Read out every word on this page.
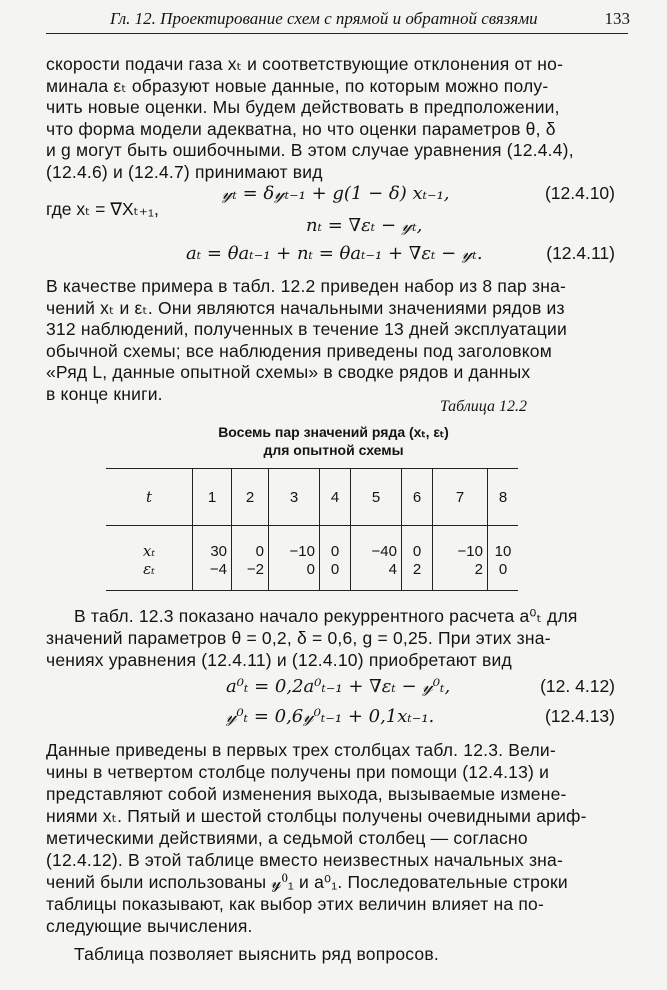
Гл. 12. Проектирование схем с прямой и обратной связями	133
скорости подачи газа xₜ и соответствующие отклонения от но-
минала εₜ образуют новые данные, по которым можно полу-
чить новые оценки. Мы будем действовать в предположении,
что форма модели адекватна, но что оценки параметров θ, δ
и g могут быть ошибочными. В этом случае уравнения (12.4.4),
(12.4.6) и (12.4.7) принимают вид
𝓎ₜ = δ𝓎ₜ₋₁ + g(1 − δ) xₜ₋₁,	(12.4.10)
где xₜ = ∇Xₜ₊₁,
nₜ = ∇εₜ − 𝓎ₜ,
aₜ = θaₜ₋₁ + nₜ = θaₜ₋₁ + ∇εₜ − 𝓎ₜ.	(12.4.11)
В качестве примера в табл. 12.2 приведен набор из 8 пар зна-
чений xₜ и εₜ. Они являются начальными значениями рядов из
312 наблюдений, полученных в течение 13 дней эксплуатации
обычной схемы; все наблюдения приведены под заголовком
«Ряд L, данные опытной схемы» в сводке рядов и данных
в конце книги.
Таблица 12.2
Восемь пар значений ряда (xₜ, εₜ)
для опытной схемы
t	1	2	3	4	5	6	7	8
xₜ	30	0	−10	0	−40	0	−10	10
εₜ	−4	−2	0	0	4	2	2	0
В табл. 12.3 показано начало рекуррентного расчета a⁰ₜ для
значений параметров θ = 0,2, δ = 0,6, g = 0,25. При этих зна-
чениях уравнения (12.4.11) и (12.4.10) приобретают вид
a⁰ₜ = 0,2a⁰ₜ₋₁ + ∇εₜ − 𝓎⁰ₜ,	(12. 4.12)
𝓎⁰ₜ = 0,6𝓎⁰ₜ₋₁ + 0,1xₜ₋₁.	(12.4.13)
Данные приведены в первых трех столбцах табл. 12.3. Вели-
чины в четвертом столбце получены при помощи (12.4.13) и
представляют собой изменения выхода, вызываемые измене-
ниями xₜ. Пятый и шестой столбцы получены очевидными ариф-
метическими действиями, а седьмой столбец — согласно
(12.4.12). В этой таблице вместо неизвестных начальных зна-
чений были использованы 𝓎⁰₁ и a⁰₁. Последовательные строки
таблицы показывают, как выбор этих величин влияет на по-
следующие вычисления.
Таблица позволяет выяснить ряд вопросов.
